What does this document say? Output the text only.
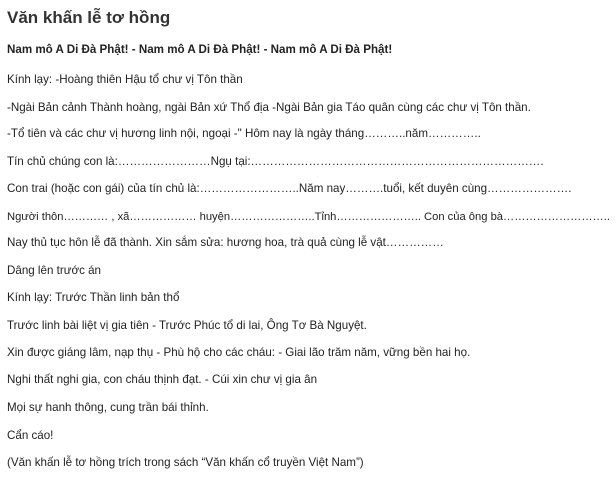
Văn khấn lễ tơ hồng

Nam mô A Di Đà Phật! - Nam mô A Di Đà Phật! - Nam mô A Di Đà Phật!

Kính lạy: -Hoàng thiên Hậu tổ chư vị Tôn thần

-Ngài Bản cảnh Thành hoàng, ngài Bản xứ Thổ địa -Ngài Bản gia Táo quân cùng các chư vị Tôn thần.

-Tổ tiên và các chư vị hương linh nội, ngoại -" Hôm nay là ngày tháng………..năm…………..

Tín chủ chúng con là:……………………Ngụ tại:………………………………………………………………….

Con trai (hoặc con gái) của tín chủ là:……………………..Năm nay……….tuổi, kết duyên cùng………………….

Người thôn………… , xã……………… huyện…………………..Tỉnh………………….. Con của ông bà………………………..

Nay thủ tục hôn lễ đã thành. Xin sắm sửa: hương hoa, trà quả cùng lễ vật……………

Dâng lên trước án

Kính lạy: Trước Thần linh bản thổ

Trước linh bài liệt vị gia tiên - Trước Phúc tổ di lai, Ông Tơ Bà Nguyệt.

Xin được giáng lâm, nạp thụ - Phù hộ cho các cháu: - Giai lão trăm năm, vững bền hai họ.

Nghi thất nghi gia, con cháu thịnh đạt. - Cúi xin chư vị gia ân

Mọi sự hanh thông, cung trần bái thỉnh.

Cẩn cáo!

(Văn khấn lễ tơ hồng trích trong sách “Văn khấn cổ truyền Việt Nam”)
